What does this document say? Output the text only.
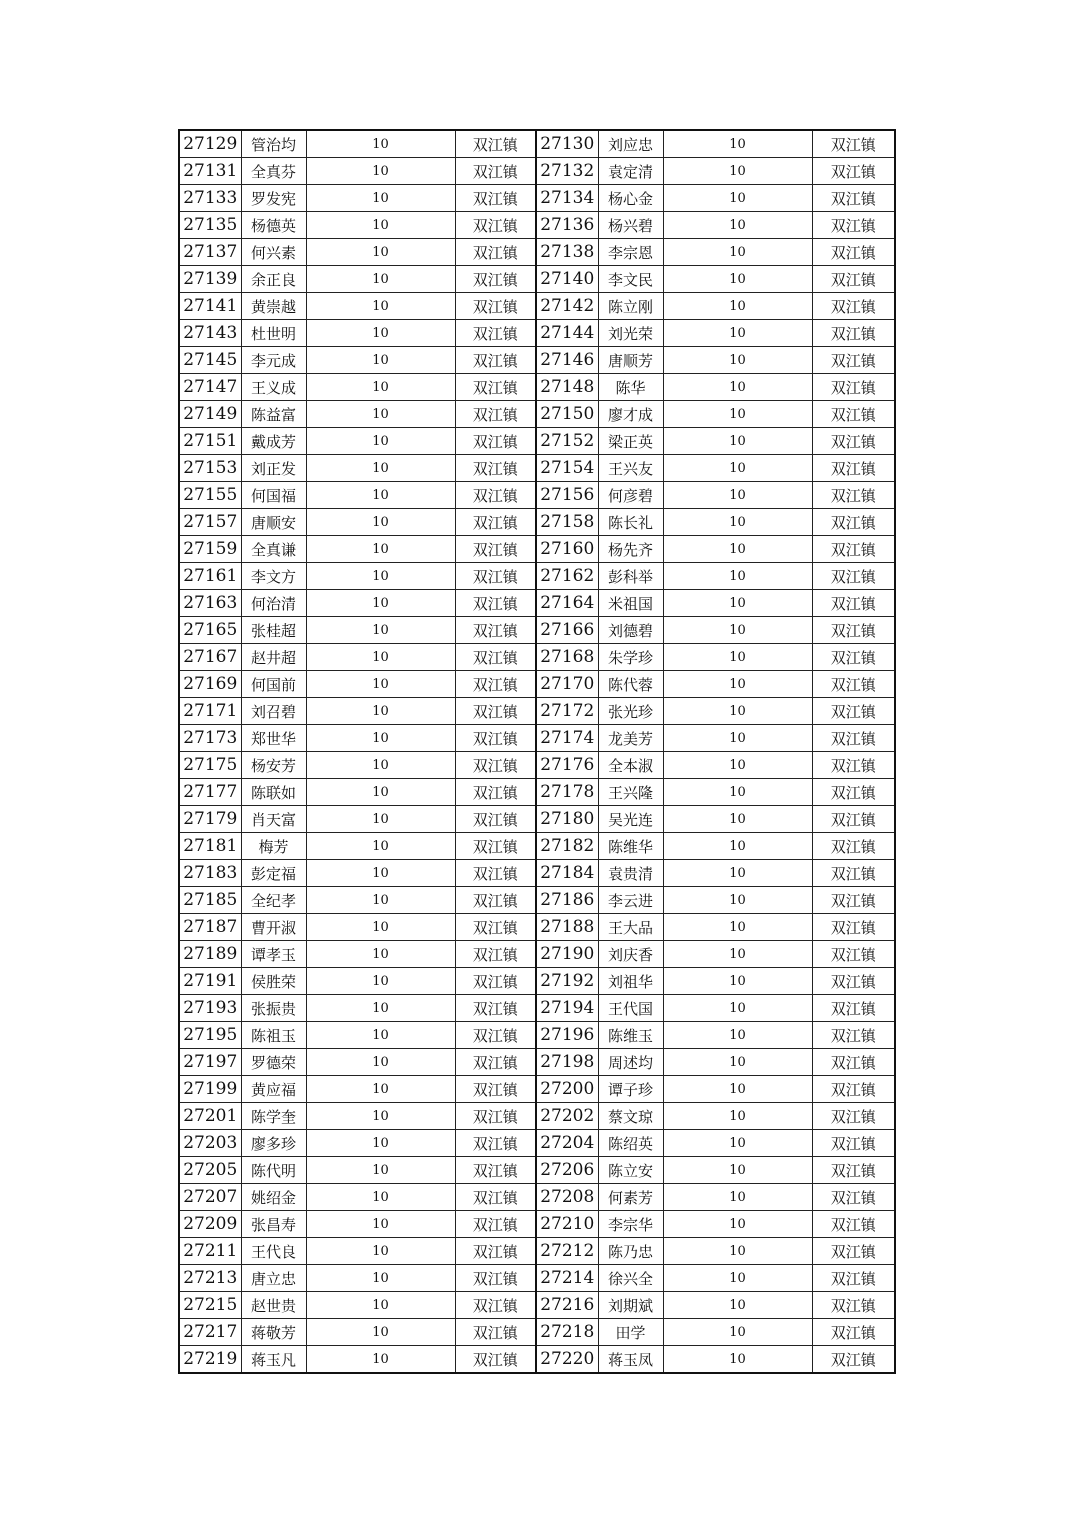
27129	管治均	10	双江镇	27130	刘应忠	10	双江镇
27131	全真芬	10	双江镇	27132	袁定清	10	双江镇
27133	罗发宪	10	双江镇	27134	杨心金	10	双江镇
27135	杨德英	10	双江镇	27136	杨兴碧	10	双江镇
27137	何兴素	10	双江镇	27138	李宗恩	10	双江镇
27139	余正良	10	双江镇	27140	李文民	10	双江镇
27141	黄崇越	10	双江镇	27142	陈立刚	10	双江镇
27143	杜世明	10	双江镇	27144	刘光荣	10	双江镇
27145	李元成	10	双江镇	27146	唐顺芳	10	双江镇
27147	王义成	10	双江镇	27148	陈华	10	双江镇
27149	陈益富	10	双江镇	27150	廖才成	10	双江镇
27151	戴成芳	10	双江镇	27152	梁正英	10	双江镇
27153	刘正发	10	双江镇	27154	王兴友	10	双江镇
27155	何国福	10	双江镇	27156	何彦碧	10	双江镇
27157	唐顺安	10	双江镇	27158	陈长礼	10	双江镇
27159	全真谦	10	双江镇	27160	杨先齐	10	双江镇
27161	李文方	10	双江镇	27162	彭科举	10	双江镇
27163	何治清	10	双江镇	27164	米祖国	10	双江镇
27165	张桂超	10	双江镇	27166	刘德碧	10	双江镇
27167	赵井超	10	双江镇	27168	朱学珍	10	双江镇
27169	何国前	10	双江镇	27170	陈代蓉	10	双江镇
27171	刘召碧	10	双江镇	27172	张光珍	10	双江镇
27173	郑世华	10	双江镇	27174	龙美芳	10	双江镇
27175	杨安芳	10	双江镇	27176	全本淑	10	双江镇
27177	陈联如	10	双江镇	27178	王兴隆	10	双江镇
27179	肖天富	10	双江镇	27180	吴光连	10	双江镇
27181	梅芳	10	双江镇	27182	陈维华	10	双江镇
27183	彭定福	10	双江镇	27184	袁贵清	10	双江镇
27185	全纪孝	10	双江镇	27186	李云进	10	双江镇
27187	曹开淑	10	双江镇	27188	王大品	10	双江镇
27189	谭孝玉	10	双江镇	27190	刘庆香	10	双江镇
27191	侯胜荣	10	双江镇	27192	刘祖华	10	双江镇
27193	张振贵	10	双江镇	27194	王代国	10	双江镇
27195	陈祖玉	10	双江镇	27196	陈维玉	10	双江镇
27197	罗德荣	10	双江镇	27198	周述均	10	双江镇
27199	黄应福	10	双江镇	27200	谭子珍	10	双江镇
27201	陈学奎	10	双江镇	27202	蔡文琼	10	双江镇
27203	廖多珍	10	双江镇	27204	陈绍英	10	双江镇
27205	陈代明	10	双江镇	27206	陈立安	10	双江镇
27207	姚绍金	10	双江镇	27208	何素芳	10	双江镇
27209	张昌寿	10	双江镇	27210	李宗华	10	双江镇
27211	王代良	10	双江镇	27212	陈乃忠	10	双江镇
27213	唐立忠	10	双江镇	27214	徐兴全	10	双江镇
27215	赵世贵	10	双江镇	27216	刘期斌	10	双江镇
27217	蒋敬芳	10	双江镇	27218	田学	10	双江镇
27219	蒋玉凡	10	双江镇	27220	蒋玉凤	10	双江镇
